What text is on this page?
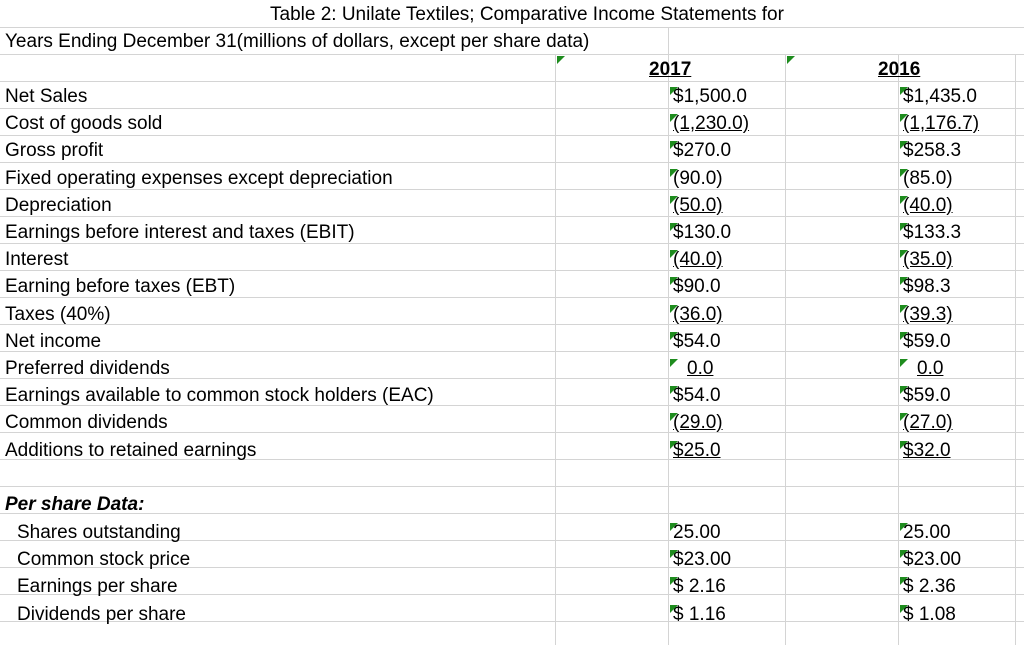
Table 2: Unilate Textiles; Comparative Income Statements for
Years Ending December 31(millions of dollars, except per share data)
2017	2016
Net Sales	$1,500.0	$1,435.0
Cost of goods sold	(1,230.0)	(1,176.7)
Gross profit	$270.0	$258.3
Fixed operating expenses except depreciation	(90.0)	(85.0)
Depreciation	(50.0)	(40.0)
Earnings before interest and taxes (EBIT)	$130.0	$133.3
Interest	(40.0)	(35.0)
Earning before taxes (EBT)	$90.0	$98.3
Taxes (40%)	(36.0)	(39.3)
Net income	$54.0	$59.0
Preferred dividends	0.0	0.0
Earnings available to common stock holders (EAC)	$54.0	$59.0
Common dividends	(29.0)	(27.0)
Additions to retained earnings	$25.0	$32.0
Per share Data:
Shares outstanding	25.00	25.00
Common stock price	$23.00	$23.00
Earnings per share	$ 2.16	$ 2.36
Dividends per share	$ 1.16	$ 1.08
